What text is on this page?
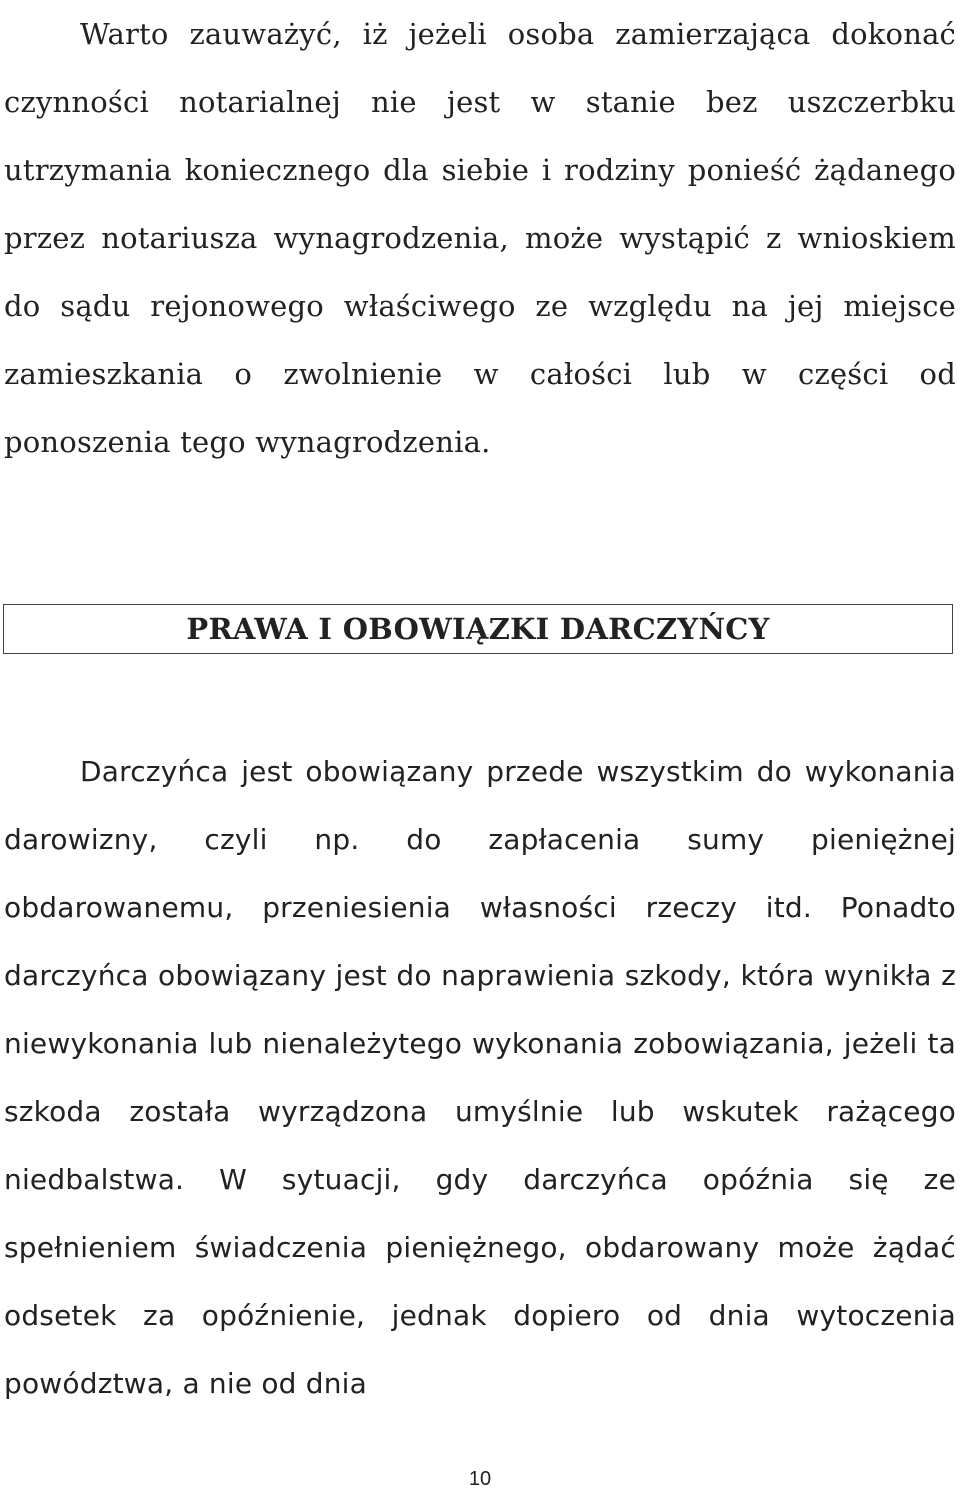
Warto zauważyć, iż jeżeli osoba zamierzająca dokonać czynności notarialnej nie jest w stanie bez uszczerbku utrzymania koniecznego dla siebie i rodziny ponieść żądanego przez notariusza wynagrodzenia, może wystąpić z wnioskiem do sądu rejonowego właściwego ze względu na jej miejsce zamieszkania o zwolnienie w całości lub w części od ponoszenia tego wynagrodzenia.

PRAWA I OBOWIĄZKI DARCZYŃCY

Darczyńca jest obowiązany przede wszystkim do wykonania darowizny, czyli np. do zapłacenia sumy pieniężnej obdarowanemu, przeniesienia własności rzeczy itd. Ponadto darczyńca obowiązany jest do naprawienia szkody, która wynikła z niewykonania lub nienależytego wykonania zobowiązania, jeżeli ta szkoda została wyrządzona umyślnie lub wskutek rażącego niedbalstwa. W sytuacji, gdy darczyńca opóźnia się ze spełnieniem świadczenia pieniężnego, obdarowany może żądać odsetek za opóźnienie, jednak dopiero od dnia wytoczenia powództwa, a nie od dnia

10
